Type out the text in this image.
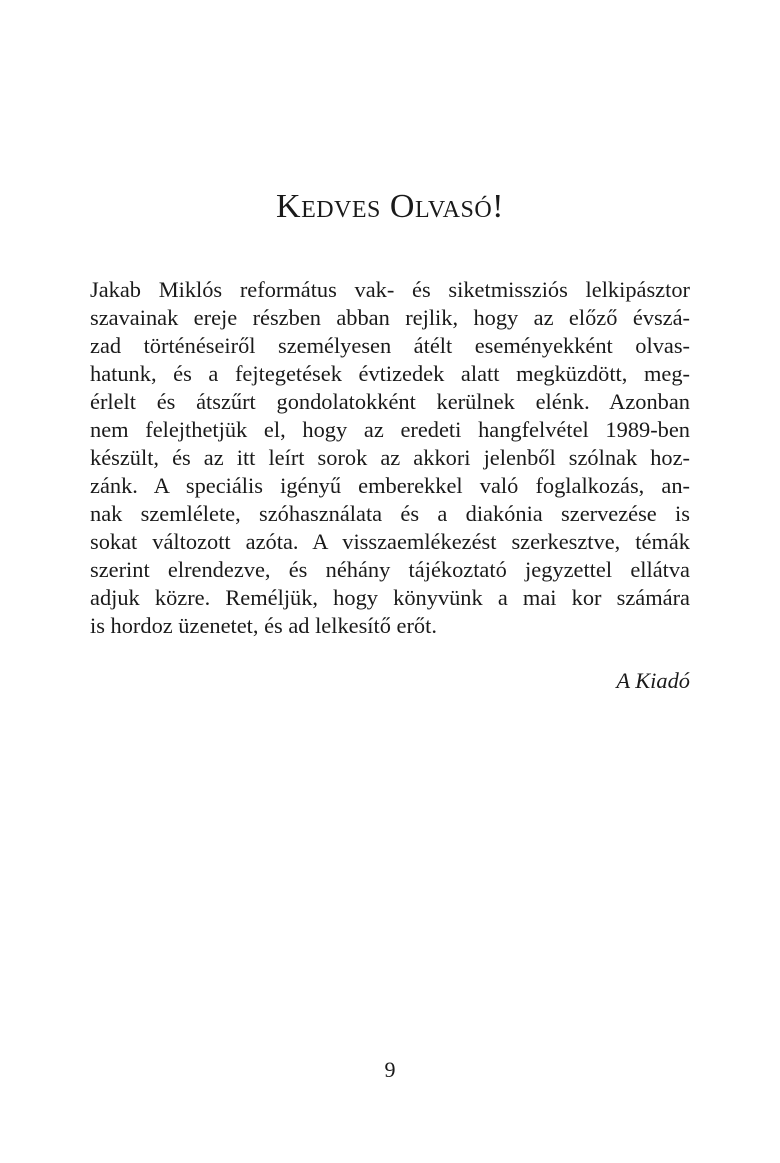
Kedves Olvasó!
Jakab Miklós református vak- és siketmissziós lelkipásztor
szavainak ereje részben abban rejlik, hogy az előző évszá-
zad történéseiről személyesen átélt eseményekként olvas-
hatunk, és a fejtegetések évtizedek alatt megküzdött, meg-
érlelt és átszűrt gondolatokként kerülnek elénk. Azonban
nem felejthetjük el, hogy az eredeti hangfelvétel 1989-ben
készült, és az itt leírt sorok az akkori jelenből szólnak hoz-
zánk. A speciális igényű emberekkel való foglalkozás, an-
nak szemlélete, szóhasználata és a diakónia szervezése is
sokat változott azóta. A visszaemlékezést szerkesztve, témák
szerint elrendezve, és néhány tájékoztató jegyzettel ellátva
adjuk közre. Reméljük, hogy könyvünk a mai kor számára
is hordoz üzenetet, és ad lelkesítő erőt.

A Kiadó

9
